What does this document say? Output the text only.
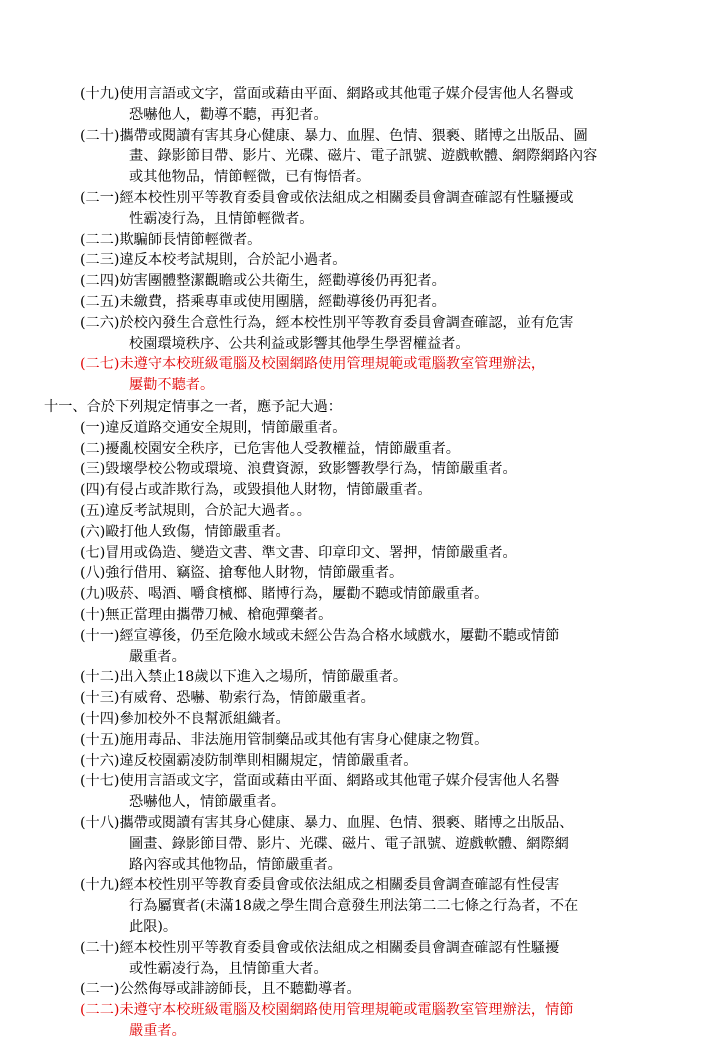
十一、合於下列規定情事之一者，應予記大過：
(十九)使用言語或文字，當面或藉由平面、網路或其他電子媒介侵害他人名譽或
恐嚇他人，勸導不聽，再犯者。
(二十)攜帶或閱讀有害其身心健康、暴力、血腥、色情、猥褻、賭博之出版品、圖
畫、錄影節目帶、影片、光碟、磁片、電子訊號、遊戲軟體、網際網路內容
或其他物品，情節輕微，已有悔悟者。
(二一)經本校性別平等教育委員會或依法組成之相關委員會調查確認有性騷擾或
性霸凌行為，且情節輕微者。
(二二)欺騙師長情節輕微者。
(二三)違反本校考試規則，合於記小過者。
(二四)妨害團體整潔觀瞻或公共衛生，經勸導後仍再犯者。
(二五)未繳費，搭乘專車或使用團膳，經勸導後仍再犯者。
(二六)於校內發生合意性行為，經本校性別平等教育委員會調查確認，並有危害
校園環境秩序、公共利益或影響其他學生學習權益者。
(二七)未遵守本校班級電腦及校園網路使用管理規範或電腦教室管理辦法，
屢勸不聽者。
(一)違反道路交通安全規則，情節嚴重者。
(二)擾亂校園安全秩序，已危害他人受教權益，情節嚴重者。
(三)毀壞學校公物或環境、浪費資源，致影響教學行為，情節嚴重者。
(四)有侵占或詐欺行為，或毀損他人財物，情節嚴重者。
(五)違反考試規則，合於記大過者。。
(六)毆打他人致傷，情節嚴重者。
(七)冒用或偽造、變造文書、準文書、印章印文、署押，情節嚴重者。
(八)強行借用、竊盜、搶奪他人財物，情節嚴重者。
(九)吸菸、喝酒、嚼食檳榔、賭博行為，屢勸不聽或情節嚴重者。
(十)無正當理由攜帶刀械、槍砲彈藥者。
(十一)經宣導後，仍至危險水域或未經公告為合格水域戲水，屢勸不聽或情節
嚴重者。
(十二)出入禁止18歲以下進入之場所，情節嚴重者。
(十三)有威脅、恐嚇、勒索行為，情節嚴重者。
(十四)參加校外不良幫派組織者。
(十五)施用毒品、非法施用管制藥品或其他有害身心健康之物質。
(十六)違反校園霸凌防制準則相關規定，情節嚴重者。
(十七)使用言語或文字，當面或藉由平面、網路或其他電子媒介侵害他人名譽
恐嚇他人，情節嚴重者。
(十八)攜帶或閱讀有害其身心健康、暴力、血腥、色情、猥褻、賭博之出版品、
圖畫、錄影節目帶、影片、光碟、磁片、電子訊號、遊戲軟體、網際網
路內容或其他物品，情節嚴重者。
(十九)經本校性別平等教育委員會或依法組成之相關委員會調查確認有性侵害
行為屬實者(未滿18歲之學生間合意發生刑法第二二七條之行為者，不在
此限)。
(二十)經本校性別平等教育委員會或依法組成之相關委員會調查確認有性騷擾
或性霸凌行為，且情節重大者。
(二一)公然侮辱或誹謗師長，且不聽勸導者。
(二二)未遵守本校班級電腦及校園網路使用管理規範或電腦教室管理辦法，情節
嚴重者。
